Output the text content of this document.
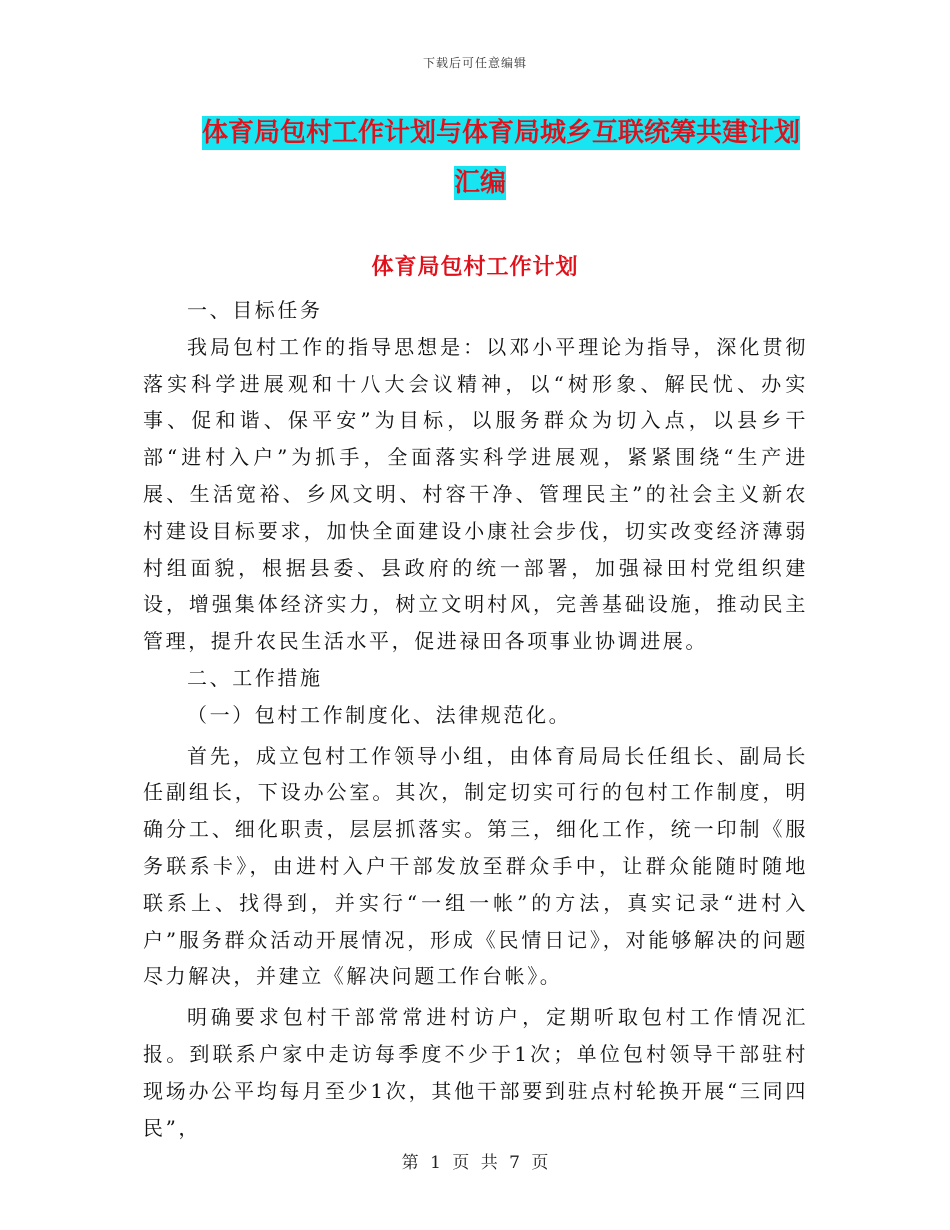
下载后可任意编辑
体育局包村工作计划与体育局城乡互联统筹共建计划
汇编
体育局包村工作计划

一、目标任务

我局包村工作的指导思想是：以邓小平理论为指导，深化贯彻落实科学进展观和十八大会议精神，以“树形象、解民忧、办实事、促和谐、保平安”为目标，以服务群众为切入点，以县乡干部“进村入户”为抓手，全面落实科学进展观，紧紧围绕“生产进展、生活宽裕、乡风文明、村容干净、管理民主”的社会主义新农村建设目标要求，加快全面建设小康社会步伐，切实改变经济薄弱村组面貌，根据县委、县政府的统一部署，加强禄田村党组织建设，增强集体经济实力，树立文明村风，完善基础设施，推动民主管理，提升农民生活水平，促进禄田各项事业协调进展。

二、工作措施

（一）包村工作制度化、法律规范化。

首先，成立包村工作领导小组，由体育局局长任组长、副局长任副组长，下设办公室。其次，制定切实可行的包村工作制度，明确分工、细化职责，层层抓落实。第三，细化工作，统一印制《服务联系卡》，由进村入户干部发放至群众手中，让群众能随时随地联系上、找得到，并实行“一组一帐”的方法，真实记录“进村入户”服务群众活动开展情况，形成《民情日记》，对能够解决的问题尽力解决，并建立《解决问题工作台帐》。

明确要求包村干部常常进村访户，定期听取包村工作情况汇报。到联系户家中走访每季度不少于1次；单位包村领导干部驻村现场办公平均每月至少1次，其他干部要到驻点村轮换开展“三同四民”，

第 1 页 共 7 页
